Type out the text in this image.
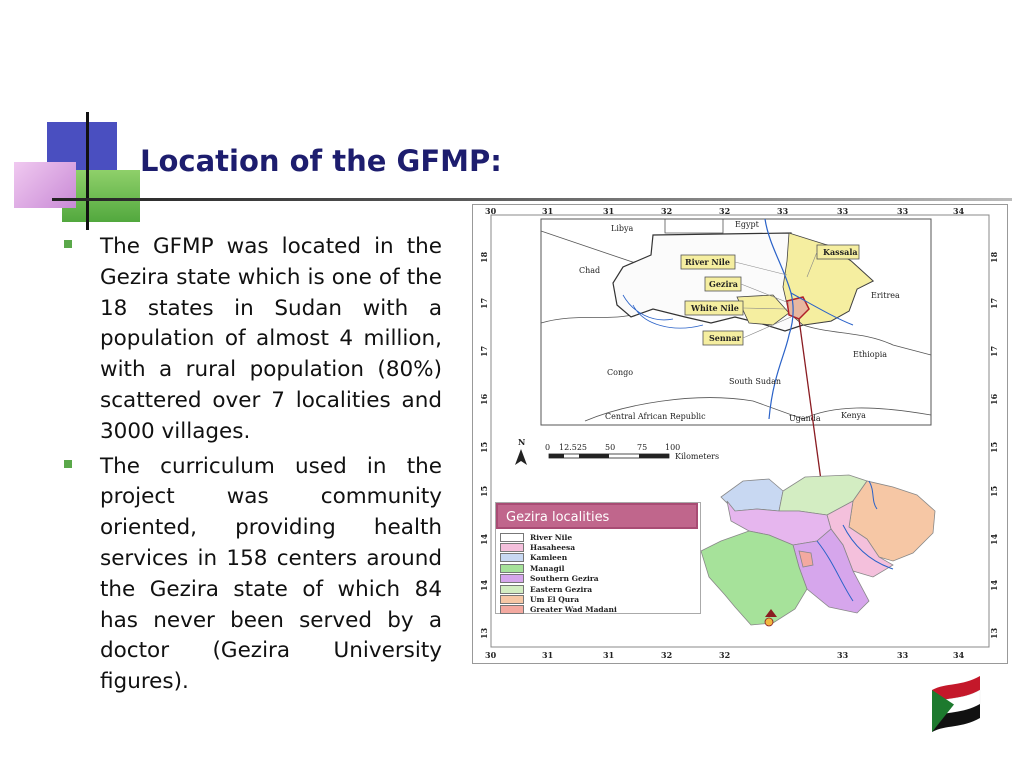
Location of the GFMP:
The GFMP was located in the Gezira state which is one of the 18 states in Sudan with a population of almost 4 million, with a rural population (80%) scattered over 7 localities and 3000 villages.
The curriculum used in the project was community oriented, providing health services in 158 centers around the Gezira state of which 84 has never been served by a doctor (Gezira University figures).
30	31	31	32	32	33	33	33	34
30	31	31	32	32	33	33	34
18
17
17
16
15
15
14
14
13
18
17
17
16
15
15
14
14
13
Libya	Egypt
Chad
Eritrea
Ethiopia
Congo
South Sudan
Central African Republic	Uganda	Kenya
Kassala
River Nile
Gezira
White Nile
Sennar
N
0 12.525 50	75 100
Kilometers
Gezira localities
River Nile
Hasaheesa
Kamleen
Managil
Southern Gezira
Eastern Gezira
Um El Qura
Greater Wad Madani
